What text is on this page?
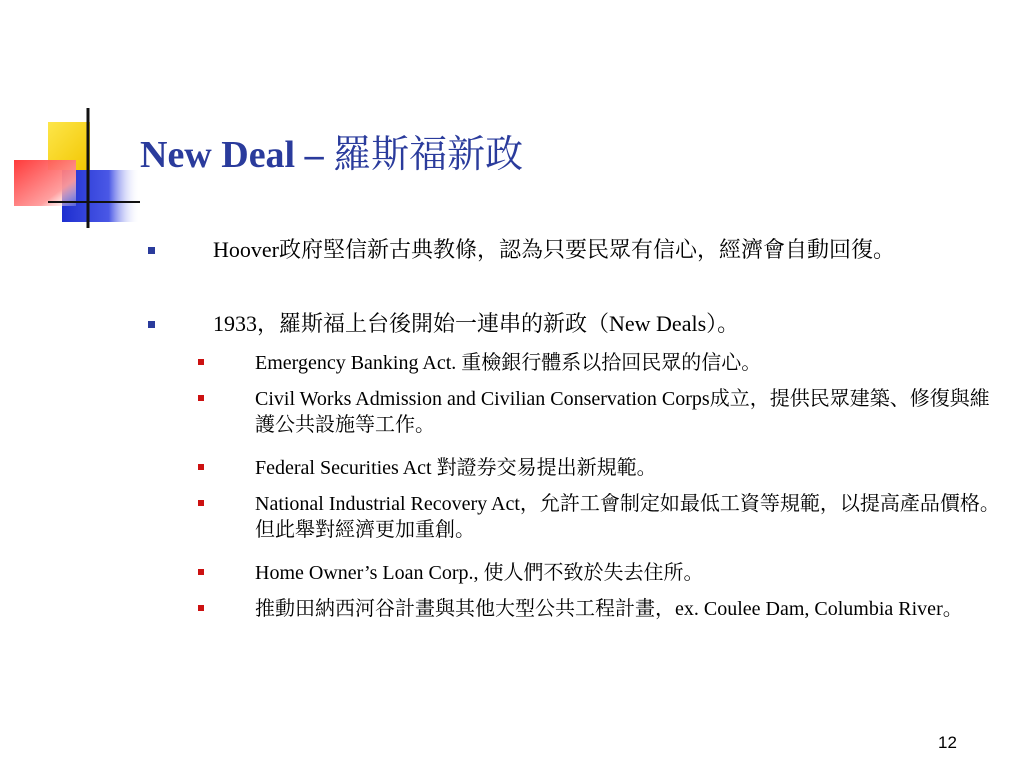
New Deal – 羅斯福新政
Hoover政府堅信新古典教條，認為只要民眾有信心，經濟會自動回復。
1933，羅斯福上台後開始一連串的新政（New Deals）。
Emergency Banking Act. 重檢銀行體系以拾回民眾的信心。
Civil Works Admission and Civilian Conservation Corps成立，提供民眾建築、修復與維護公共設施等工作。
Federal Securities Act 對證券交易提出新規範。
National Industrial Recovery Act，允許工會制定如最低工資等規範，以提高產品價格。但此舉對經濟更加重創。
Home Owner’s Loan Corp., 使人們不致於失去住所。
推動田納西河谷計畫與其他大型公共工程計畫，ex. Coulee Dam, Columbia River。
12
